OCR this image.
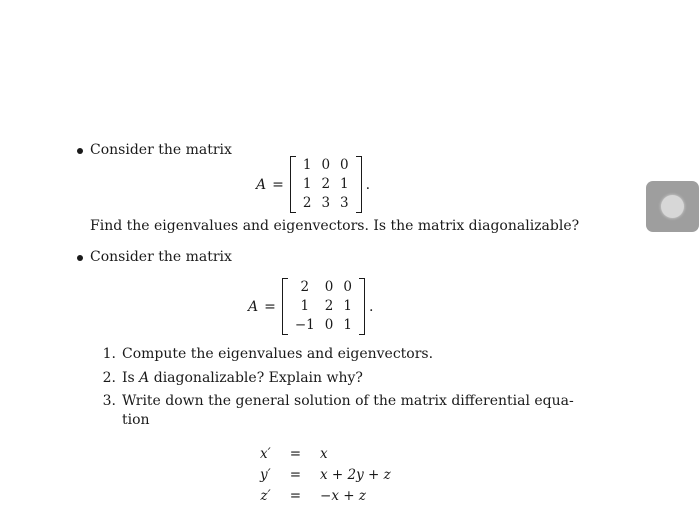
Consider the matrix
A =
1	0	0
1	2	1
2	3	3
.
Find the eigenvalues and eigenvectors. Is the matrix diagonalizable?
Consider the matrix
A =
2	0	0
1	2	1
−1	0	1
.
1. Compute the eigenvalues and eigenvectors.
2. Is A diagonalizable? Explain why?
3. Write down the general solution of the matrix differential equa-
tion
x′	=	x
y′	=	x + 2y + z
z′	=	−x + z
